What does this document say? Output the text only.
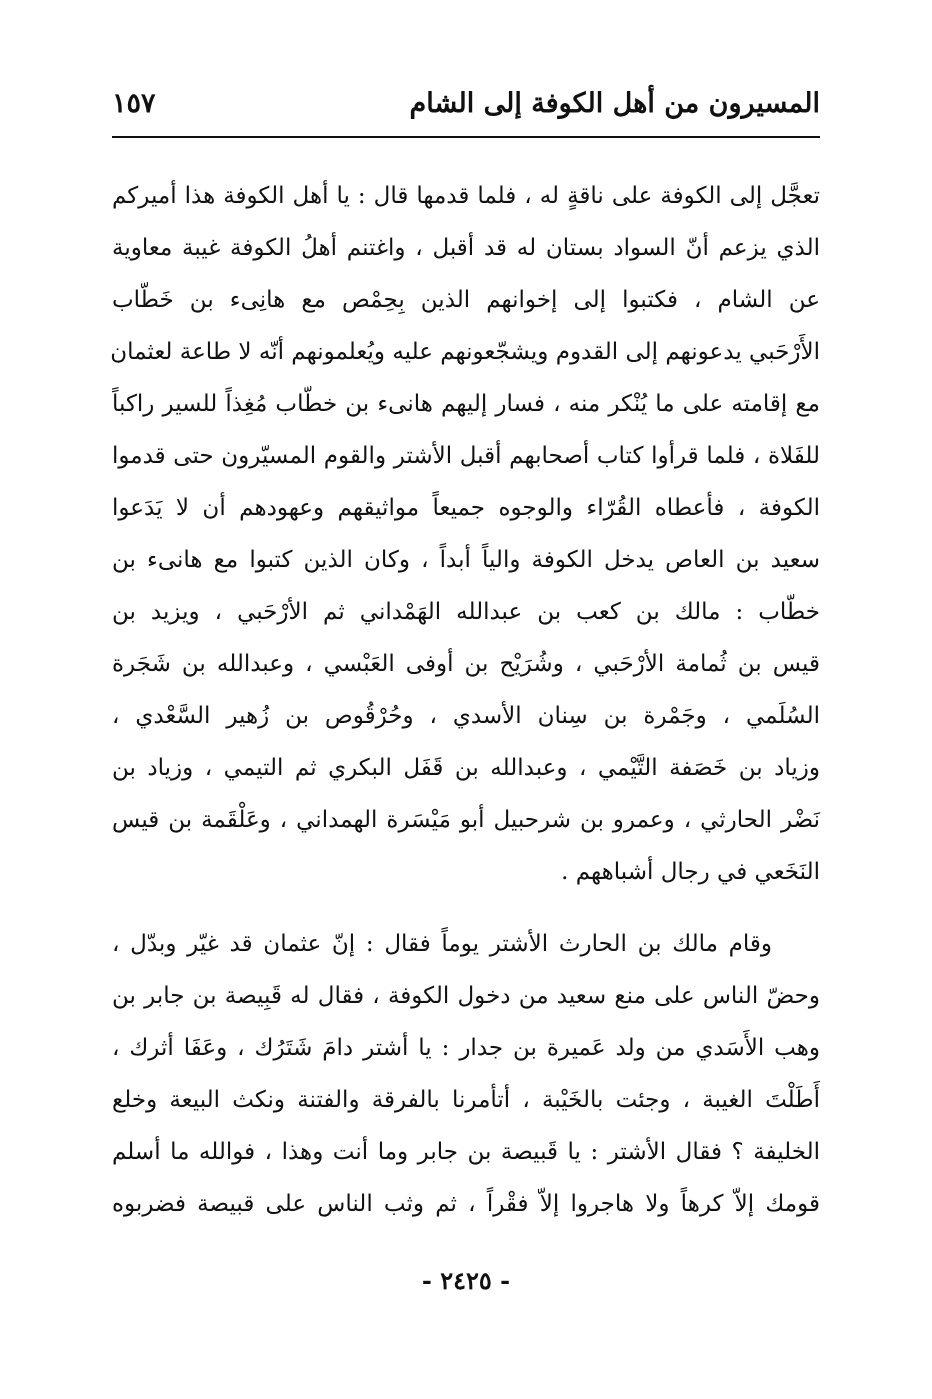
المسيرون من أهل الكوفة إلى الشام
١٥٧
تعجَّل إلى الكوفة على ناقةٍ له ، فلما قدمها قال : يا أهل الكوفة هذا أميركم
الذي يزعم أنّ السواد بستان له قد أقبل ، واغتنم أهلُ الكوفة غيبة معاوية
عن الشام ، فكتبوا إلى إخوانهم الذين بِحِمْص مع هانِىء بن خَطّاب
الأَرْحَبي يدعونهم إلى القدوم ويشجّعونهم عليه ويُعلمونهم أنّه لا طاعة لعثمان
مع إقامته على ما يُنْكر منه ، فسار إليهم هانىء بن خطّاب مُغِذاً للسير راكباً
للفَلاة ، فلما قرأوا كتاب أصحابهم أقبل الأشتر والقوم المسيّرون حتى قدموا
الكوفة ، فأعطاه القُرّاء والوجوه جميعاً مواثيقهم وعهودهم أن لا يَدَعوا
سعيد بن العاص يدخل الكوفة والياً أبداً ، وكان الذين كتبوا مع هانىء بن
خطّاب : مالك بن كعب بن عبدالله الهَمْداني ثم الأرْحَبي ، ويزيد بن
قيس بن ثُمامة الأرْحَبي ، وشُرَيْح بن أوفى العَبْسي ، وعبدالله بن شَجَرة
السُلَمي ، وجَمْرة بن سِنان الأسدي ، وحُرْقُوص بن زُهير السَّعْدي ،
وزياد بن خَصَفة التَّيْمي ، وعبدالله بن قَفَل البكري ثم التيمي ، وزياد بن
نَضْر الحارثي ، وعمرو بن شرحبيل أبو مَيْسَرة الهمداني ، وعَلْقَمة بن قيس
النَخَعي في رجال أشباههم .
وقام مالك بن الحارث الأشتر يوماً فقال : إنّ عثمان قد غيّر وبدّل ،
وحضّ الناس على منع سعيد من دخول الكوفة ، فقال له قَبِيصة بن جابر بن
وهب الأَسَدي من ولد عَميرة بن جدار : يا أشتر دامَ شَتَرُك ، وعَفَا أثرك ،
أَطَلْتَ الغيبة ، وجئت بالخَيْبة ، أتأمرنا بالفرقة والفتنة ونكث البيعة وخلع
الخليفة ؟ فقال الأشتر : يا قَبيصة بن جابر وما أنت وهذا ، فوالله ما أسلم
قومك إلاّ كرهاً ولا هاجروا إلاّ فقْراً ، ثم وثب الناس على قبيصة فضربوه
- ٢٤٢٥ -
